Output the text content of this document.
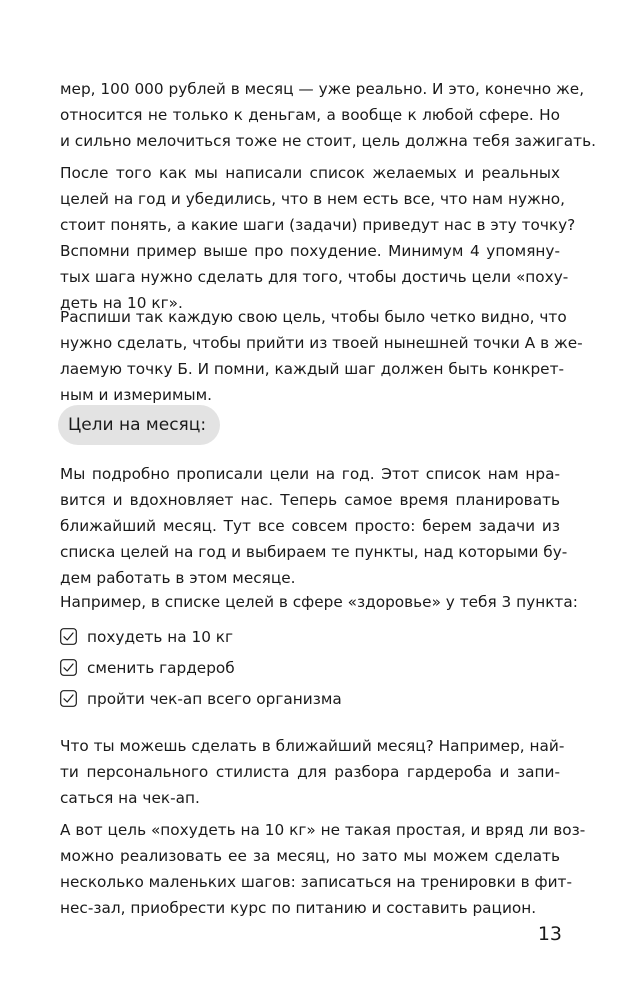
мер, 100 000 рублей в месяц — уже реально. И это, конечно же,
относится не только к деньгам, а вообще к любой сфере. Но
и сильно мелочиться тоже не стоит, цель должна тебя зажигать.
После того как мы написали список желаемых и реальных
целей на год и убедились, что в нем есть все, что нам нужно,
стоит понять, а какие шаги (задачи) приведут нас в эту точку?
Вспомни пример выше про похудение. Минимум 4 упомяну-
тых шага нужно сделать для того, чтобы достичь цели «поху-
деть на 10 кг».
Распиши так каждую свою цель, чтобы было четко видно, что
нужно сделать, чтобы прийти из твоей нынешней точки А в же-
лаемую точку Б. И помни, каждый шаг должен быть конкрет-
ным и измеримым.
Цели на месяц:
Мы подробно прописали цели на год. Этот список нам нра-
вится и вдохновляет нас. Теперь самое время планировать
ближайший месяц. Тут все совсем просто: берем задачи из
списка целей на год и выбираем те пункты, над которыми бу-
дем работать в этом месяце.
Например, в списке целей в сфере «здоровье» у тебя 3 пункта:
похудеть на 10 кг
сменить гардероб
пройти чек-ап всего организма
Что ты можешь сделать в ближайший месяц? Например, най-
ти персонального стилиста для разбора гардероба и запи-
саться на чек-ап.
А вот цель «похудеть на 10 кг» не такая простая, и вряд ли воз-
можно реализовать ее за месяц, но зато мы можем сделать
несколько маленьких шагов: записаться на тренировки в фит-
нес-зал, приобрести курс по питанию и составить рацион.
13
